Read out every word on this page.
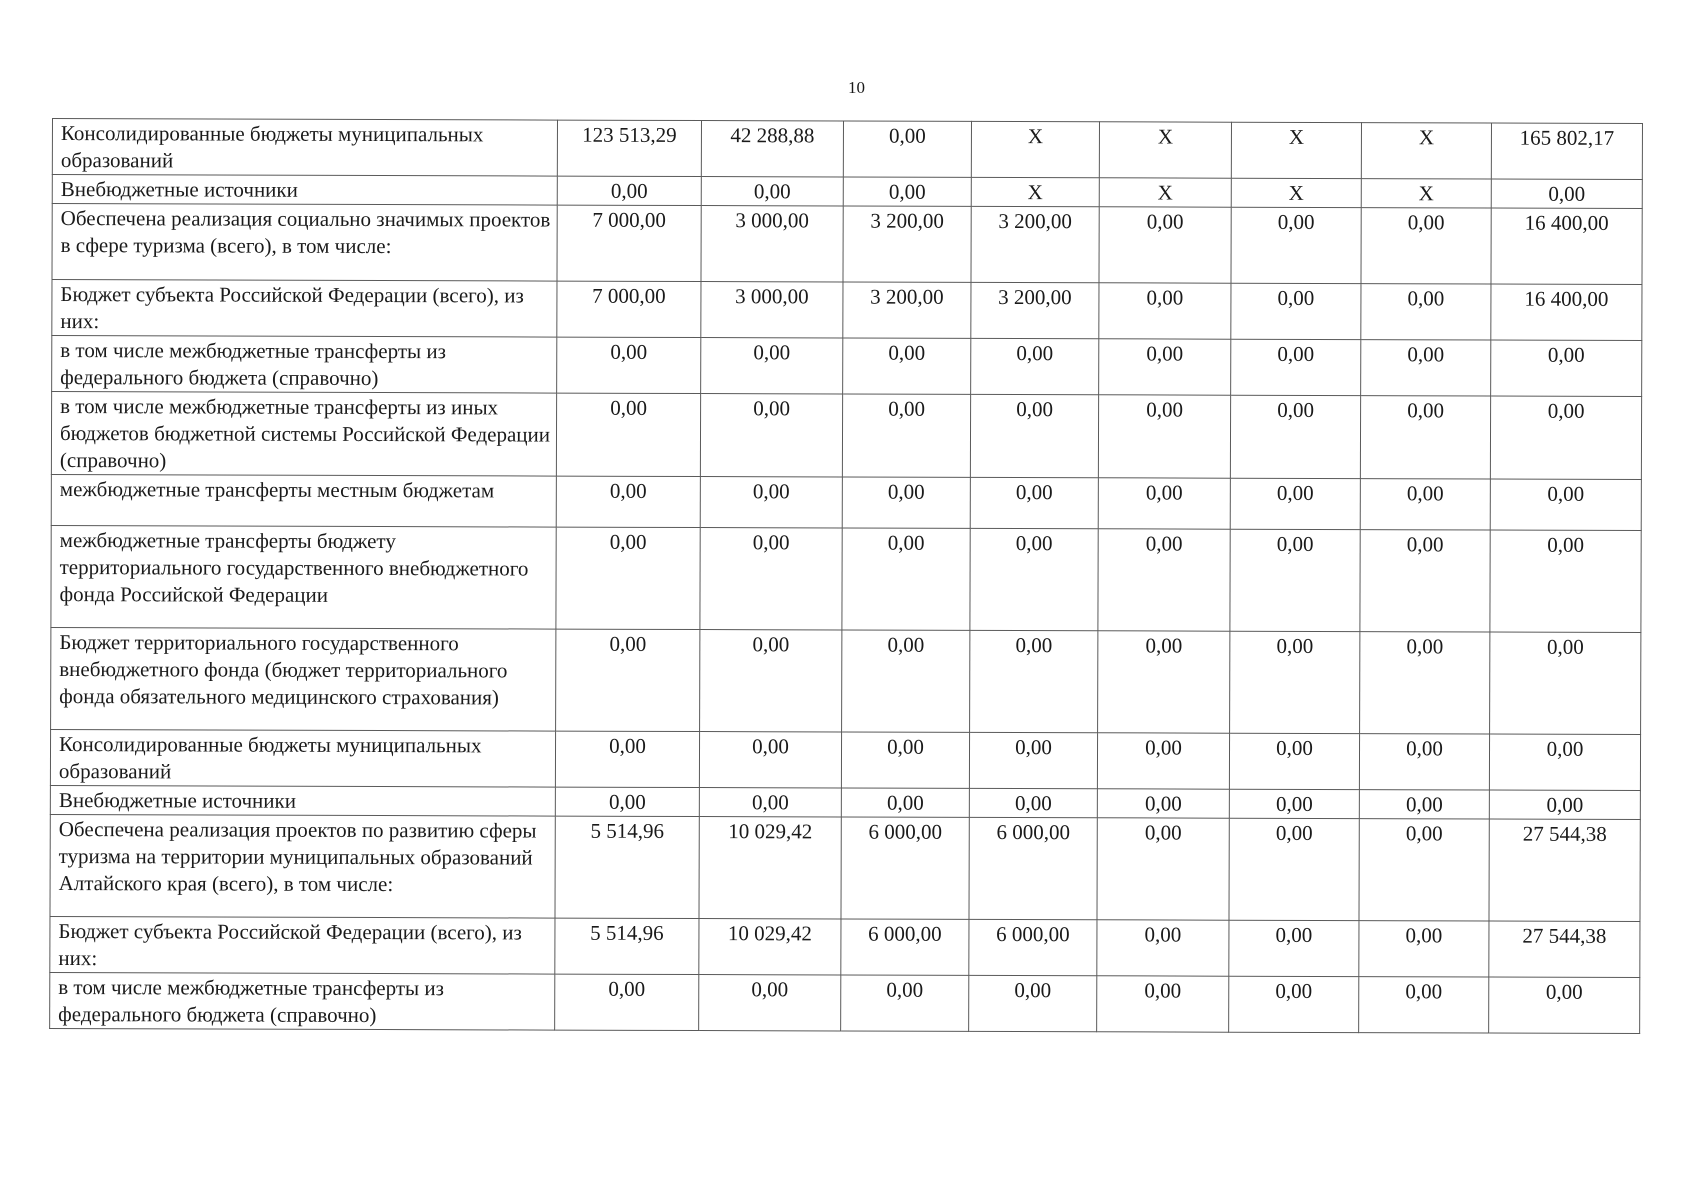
10
Консолидированные бюджеты муниципальных образований	123 513,29	42 288,88	0,00	Х	Х	Х	Х	165 802,17
Внебюджетные источники	0,00	0,00	0,00	Х	Х	Х	Х	0,00
Обеспечена реализация социально значимых проектов в сфере туризма (всего), в том числе:	7 000,00	3 000,00	3 200,00	3 200,00	0,00	0,00	0,00	16 400,00
Бюджет субъекта Российской Федерации (всего), из них:	7 000,00	3 000,00	3 200,00	3 200,00	0,00	0,00	0,00	16 400,00
в том числе межбюджетные трансферты из федерального бюджета (справочно)	0,00	0,00	0,00	0,00	0,00	0,00	0,00	0,00
в том числе межбюджетные трансферты из иных бюджетов бюджетной системы Российской Федерации (справочно)	0,00	0,00	0,00	0,00	0,00	0,00	0,00	0,00
межбюджетные трансферты местным бюджетам	0,00	0,00	0,00	0,00	0,00	0,00	0,00	0,00
межбюджетные трансферты бюджету территориального государственного внебюджетного фонда Российской Федерации	0,00	0,00	0,00	0,00	0,00	0,00	0,00	0,00
Бюджет территориального государственного внебюджетного фонда (бюджет территориального фонда обязательного медицинского страхования)	0,00	0,00	0,00	0,00	0,00	0,00	0,00	0,00
Консолидированные бюджеты муниципальных образований	0,00	0,00	0,00	0,00	0,00	0,00	0,00	0,00
Внебюджетные источники	0,00	0,00	0,00	0,00	0,00	0,00	0,00	0,00
Обеспечена реализация проектов по развитию сферы туризма на территории муниципальных образований Алтайского края (всего), в том числе:	5 514,96	10 029,42	6 000,00	6 000,00	0,00	0,00	0,00	27 544,38
Бюджет субъекта Российской Федерации (всего), из них:	5 514,96	10 029,42	6 000,00	6 000,00	0,00	0,00	0,00	27 544,38
в том числе межбюджетные трансферты из федерального бюджета (справочно)	0,00	0,00	0,00	0,00	0,00	0,00	0,00	0,00
